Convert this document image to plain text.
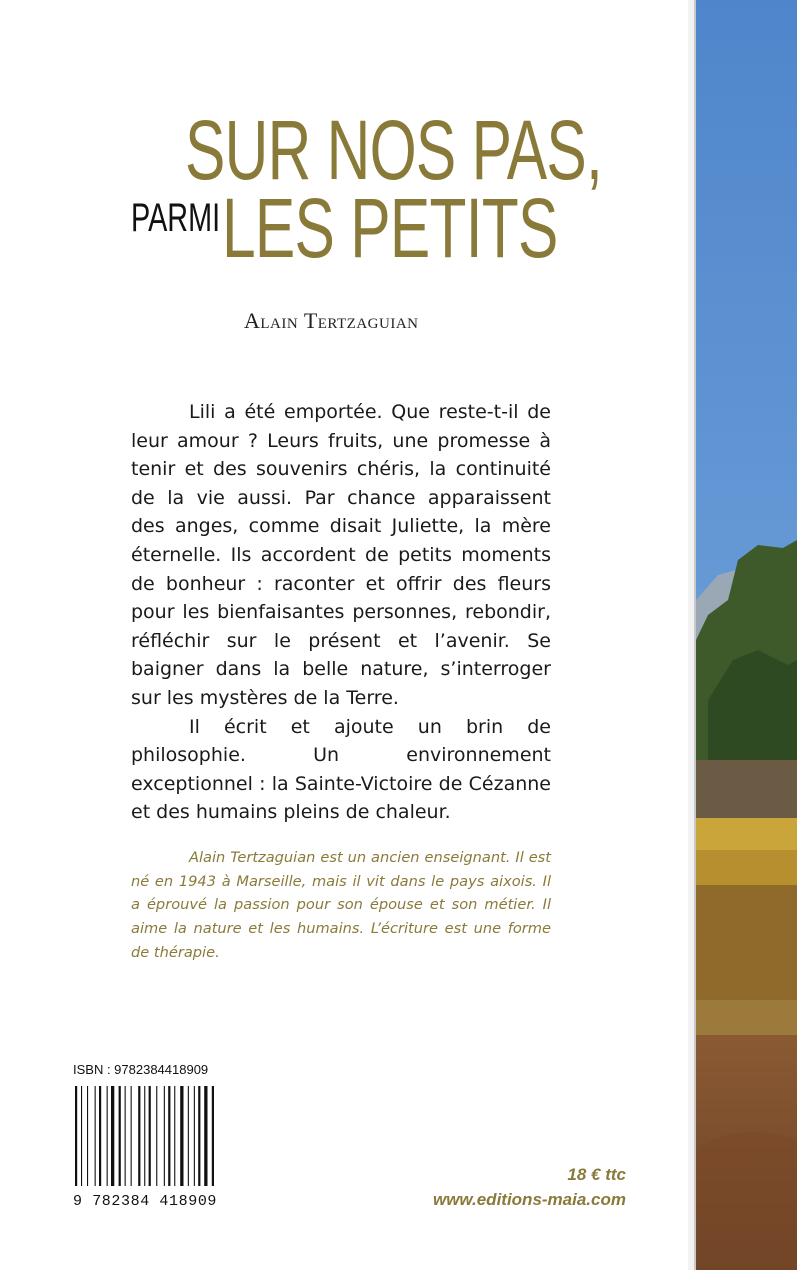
SUR NOS PAS,
PARMI LES PETITS
Alain Tertzaguian

Lili a été emportée. Que reste-t-il de leur amour ? Leurs fruits, une promesse à tenir et des souvenirs chéris, la continuité de la vie aussi. Par chance apparaissent des anges, comme disait Juliette, la mère éternelle. Ils accordent de petits moments de bonheur : raconter et offrir des fleurs pour les bienfaisantes personnes, rebondir, réfléchir sur le présent et l’avenir. Se baigner dans la belle nature, s’interroger sur les mystères de la Terre.

Il écrit et ajoute un brin de philosophie. Un environnement exceptionnel : la Sainte-Victoire de Cézanne et des humains pleins de chaleur.

Alain Tertzaguian est un ancien enseignant. Il est né en 1943 à Marseille, mais il vit dans le pays aixois. Il a éprouvé la passion pour son épouse et son métier. Il aime la nature et les humains. L’écriture est une forme de thérapie.

ISBN : 9782384418909
9 782384 418909
18 € ttc
www.editions-maia.com
